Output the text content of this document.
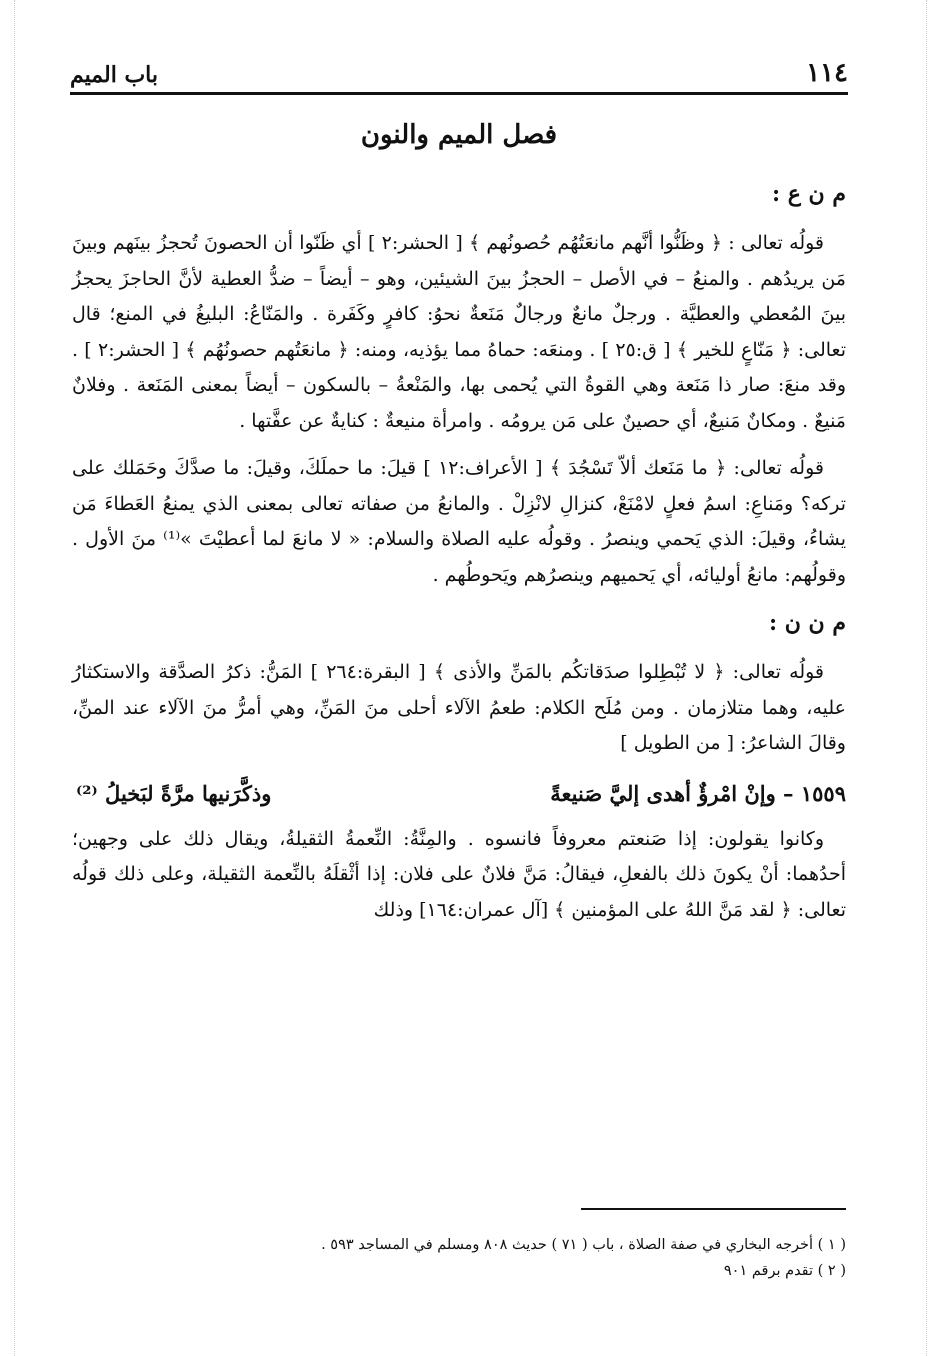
١١٤
باب الميم
فصل الميم والنون
م ن ع :

قولُه تعالى : ﴿ وظَنُّوا أنَّهم مانعَتُهُم حُصونُهم ﴾ [ الحشر:٢ ] أي ظَنّوا أن الحصونَ تُحجزُ بينَهم وبينَ مَن يريدُهم . والمنعُ – في الأصل – الحجزُ بينَ الشيئين، وهو – أيضاً – ضدُّ العطية لأنَّ الحاجزَ يحجزُ بينَ المُعطي والعطيَّة . ورجلٌ مانعٌ ورجالٌ مَنَعةٌ نحوُ: كافرٍ وكَفَرة . والمَنّاعُ: البليغُ في المنع؛ قال تعالى: ﴿ مَنّاعٍ للخير ﴾ [ ق:٢٥ ] . ومنعَه: حماهُ مما يؤذيه، ومنه: ﴿ مانعَتُهم حصونُهُم ﴾ [ الحشر:٢ ] . وقد منعَ: صار ذا مَنَعة وهي القوةُ التي يُحمى بها، والمَنْعةُ – بالسكون – أيضاً بمعنى المَنَعة . وفلانٌ مَنيعٌ . ومكانٌ مَنيعٌ، أي حصينٌ على مَن يرومُه . وامرأة منيعةٌ : كنايةٌ عن عفَّتها .

قولُه تعالى: ﴿ ما مَنَعك ألاّ تَسْجُدَ ﴾ [ الأعراف:١٢ ] قيلَ: ما حملَكَ، وقيلَ: ما صدَّكَ وحَمَلك على تركه؟ ومَناعِ: اسمُ فعلٍ لامْنَعْ، كنزالِ لانْزِلْ . والمانعُ من صفاته تعالى بمعنى الذي يمنعُ العَطاءَ مَن يشاءُ، وقيلَ: الذي يَحمي وينصرُ . وقولُه عليه الصلاة والسلام: « لا مانعَ لما أعطيْتَ »⁽¹⁾ منَ الأول . وقولُهم: مانعُ أوليائه، أي يَحميهم وينصرُهم ويَحوطُهم .

م ن ن :

قولُه تعالى: ﴿ لا تُبْطِلوا صدَقاتكُم بالمَنِّ والأذى ﴾ [ البقرة:٢٦٤ ] المَنُّ: ذكرُ الصدَّقة والاستكثارُ عليه، وهما متلازمان . ومن مُلَح الكلام: طعمُ الآلاء أحلى منَ المَنِّ، وهي أمرُّ منَ الآلاء عند المنِّ، وقالَ الشاعرُ: [ من الطويل ]

١٥٥٩ – وإنْ امْرؤٌ أهدى إليَّ صَنيعةً
وذكَّرَنيها مرَّةً لبَخيلُ ⁽²⁾

وكانوا يقولون: إذا صَنعتم معروفاً فانسوه . والمِنَّةُ: النِّعمةُ الثقيلةُ، ويقال ذلك على وجهين؛ أحدُهما: أنْ يكونَ ذلك بالفعلِ، فيقالُ: مَنَّ فلانٌ على فلان: إذا أثْقلَهُ بالنِّعمة الثقيلة، وعلى ذلك قولُه تعالى: ﴿ لقد مَنَّ اللهُ على المؤمنين ﴾ [آل عمران:١٦٤] وذلك

( ١ ) أخرجه البخاري في صفة الصلاة ، باب ( ٧١ ) حديث ٨٠٨ ومسلم في المساجد ٥٩٣ .
( ٢ ) تقدم برقم ٩٠١
